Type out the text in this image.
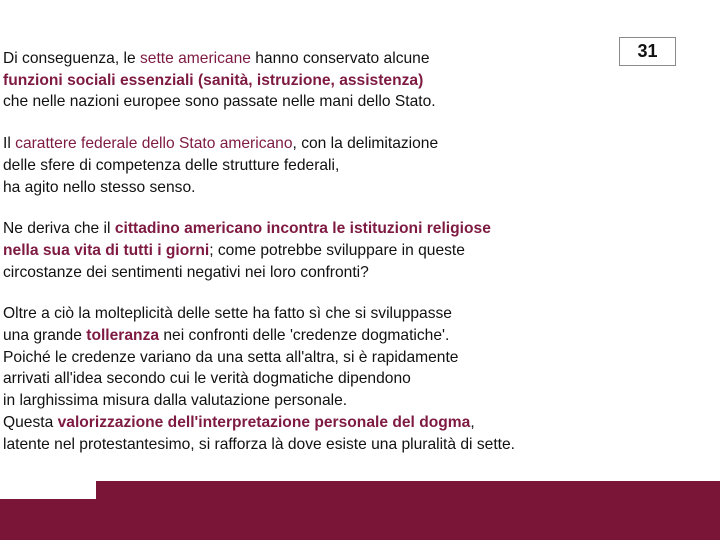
31

Di conseguenza, le sette americane hanno conservato alcune
funzioni sociali essenziali (sanità, istruzione, assistenza)
che nelle nazioni europee sono passate nelle mani dello Stato.

Il carattere federale dello Stato americano, con la delimitazione
delle sfere di competenza delle strutture federali,
ha agito nello stesso senso.

Ne deriva che il cittadino americano incontra le istituzioni religiose
nella sua vita di tutti i giorni; come potrebbe sviluppare in queste
circostanze dei sentimenti negativi nei loro confronti?

Oltre a ciò la molteplicità delle sette ha fatto sì che si sviluppasse
una grande tolleranza nei confronti delle 'credenze dogmatiche'.
Poiché le credenze variano da una setta all'altra, si è rapidamente
arrivati all'idea secondo cui le verità dogmatiche dipendono
in larghissima misura dalla valutazione personale.
Questa valorizzazione dell'interpretazione personale del dogma,
latente nel protestantesimo, si rafforza là dove esiste una pluralità di sette.
